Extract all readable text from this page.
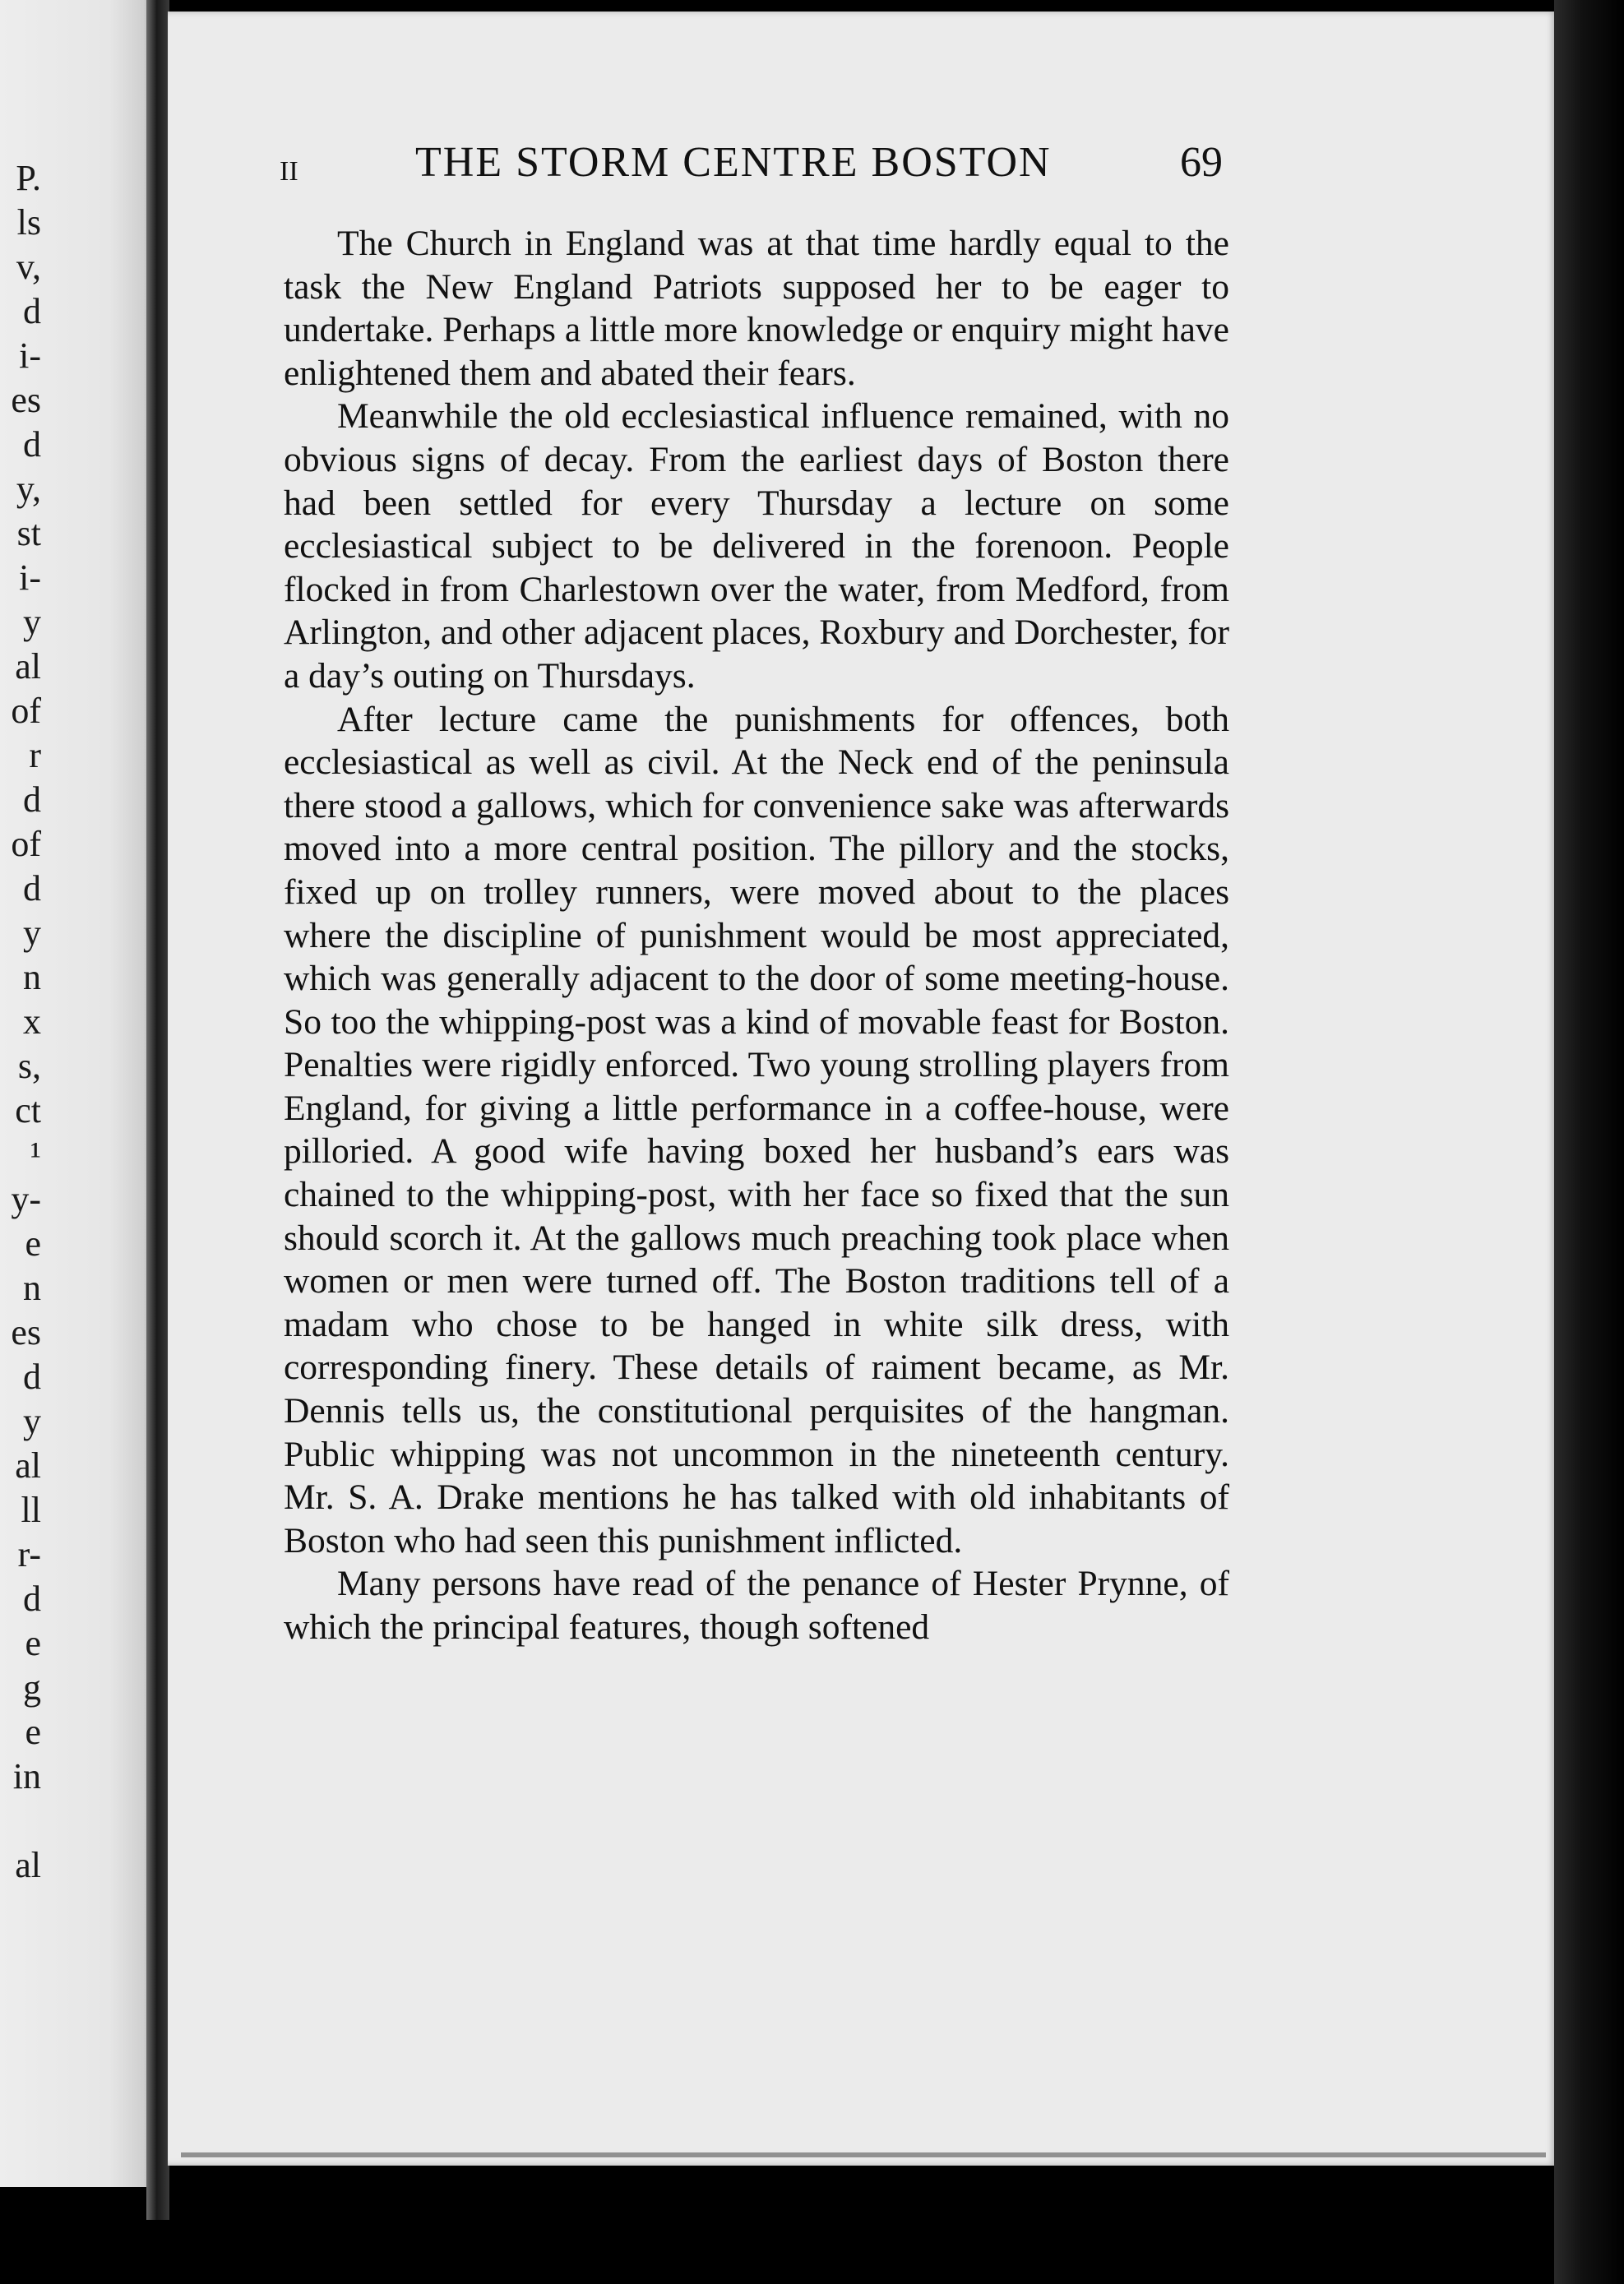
P.
ls
v,
d
i-
es
d
y,
st
i-
y
al
of
r
d
of
d
y
n
x
s,
ct
¹
y-
e
n
es
d
y
al
ll
r-
d
e
g
e
in
al
II	THE STORM CENTRE BOSTON	69

The Church in England was at that time hardly equal to the task the New England Patriots supposed her to be eager to undertake. Perhaps a little more knowledge or enquiry might have enlightened them and abated their fears.

Meanwhile the old ecclesiastical influence remained, with no obvious signs of decay. From the earliest days of Boston there had been settled for every Thursday a lecture on some ecclesiastical subject to be delivered in the forenoon. People flocked in from Charlestown over the water, from Medford, from Arlington, and other adjacent places, Roxbury and Dorchester, for a day’s outing on Thursdays.

After lecture came the punishments for offences, both ecclesiastical as well as civil. At the Neck end of the peninsula there stood a gallows, which for convenience sake was afterwards moved into a more central position. The pillory and the stocks, fixed up on trolley runners, were moved about to the places where the discipline of punishment would be most appreciated, which was generally adjacent to the door of some meeting-house. So too the whipping-post was a kind of movable feast for Boston. Penalties were rigidly enforced. Two young strolling players from England, for giving a little performance in a coffee-house, were pilloried. A good wife having boxed her husband’s ears was chained to the whipping-post, with her face so fixed that the sun should scorch it. At the gallows much preaching took place when women or men were turned off. The Boston traditions tell of a madam who chose to be hanged in white silk dress, with corresponding finery. These details of raiment became, as Mr. Dennis tells us, the constitutional perquisites of the hangman. Public whipping was not uncommon in the nineteenth century. Mr. S. A. Drake mentions he has talked with old inhabitants of Boston who had seen this punishment inflicted.

Many persons have read of the penance of Hester Prynne, of which the principal features, though softened
